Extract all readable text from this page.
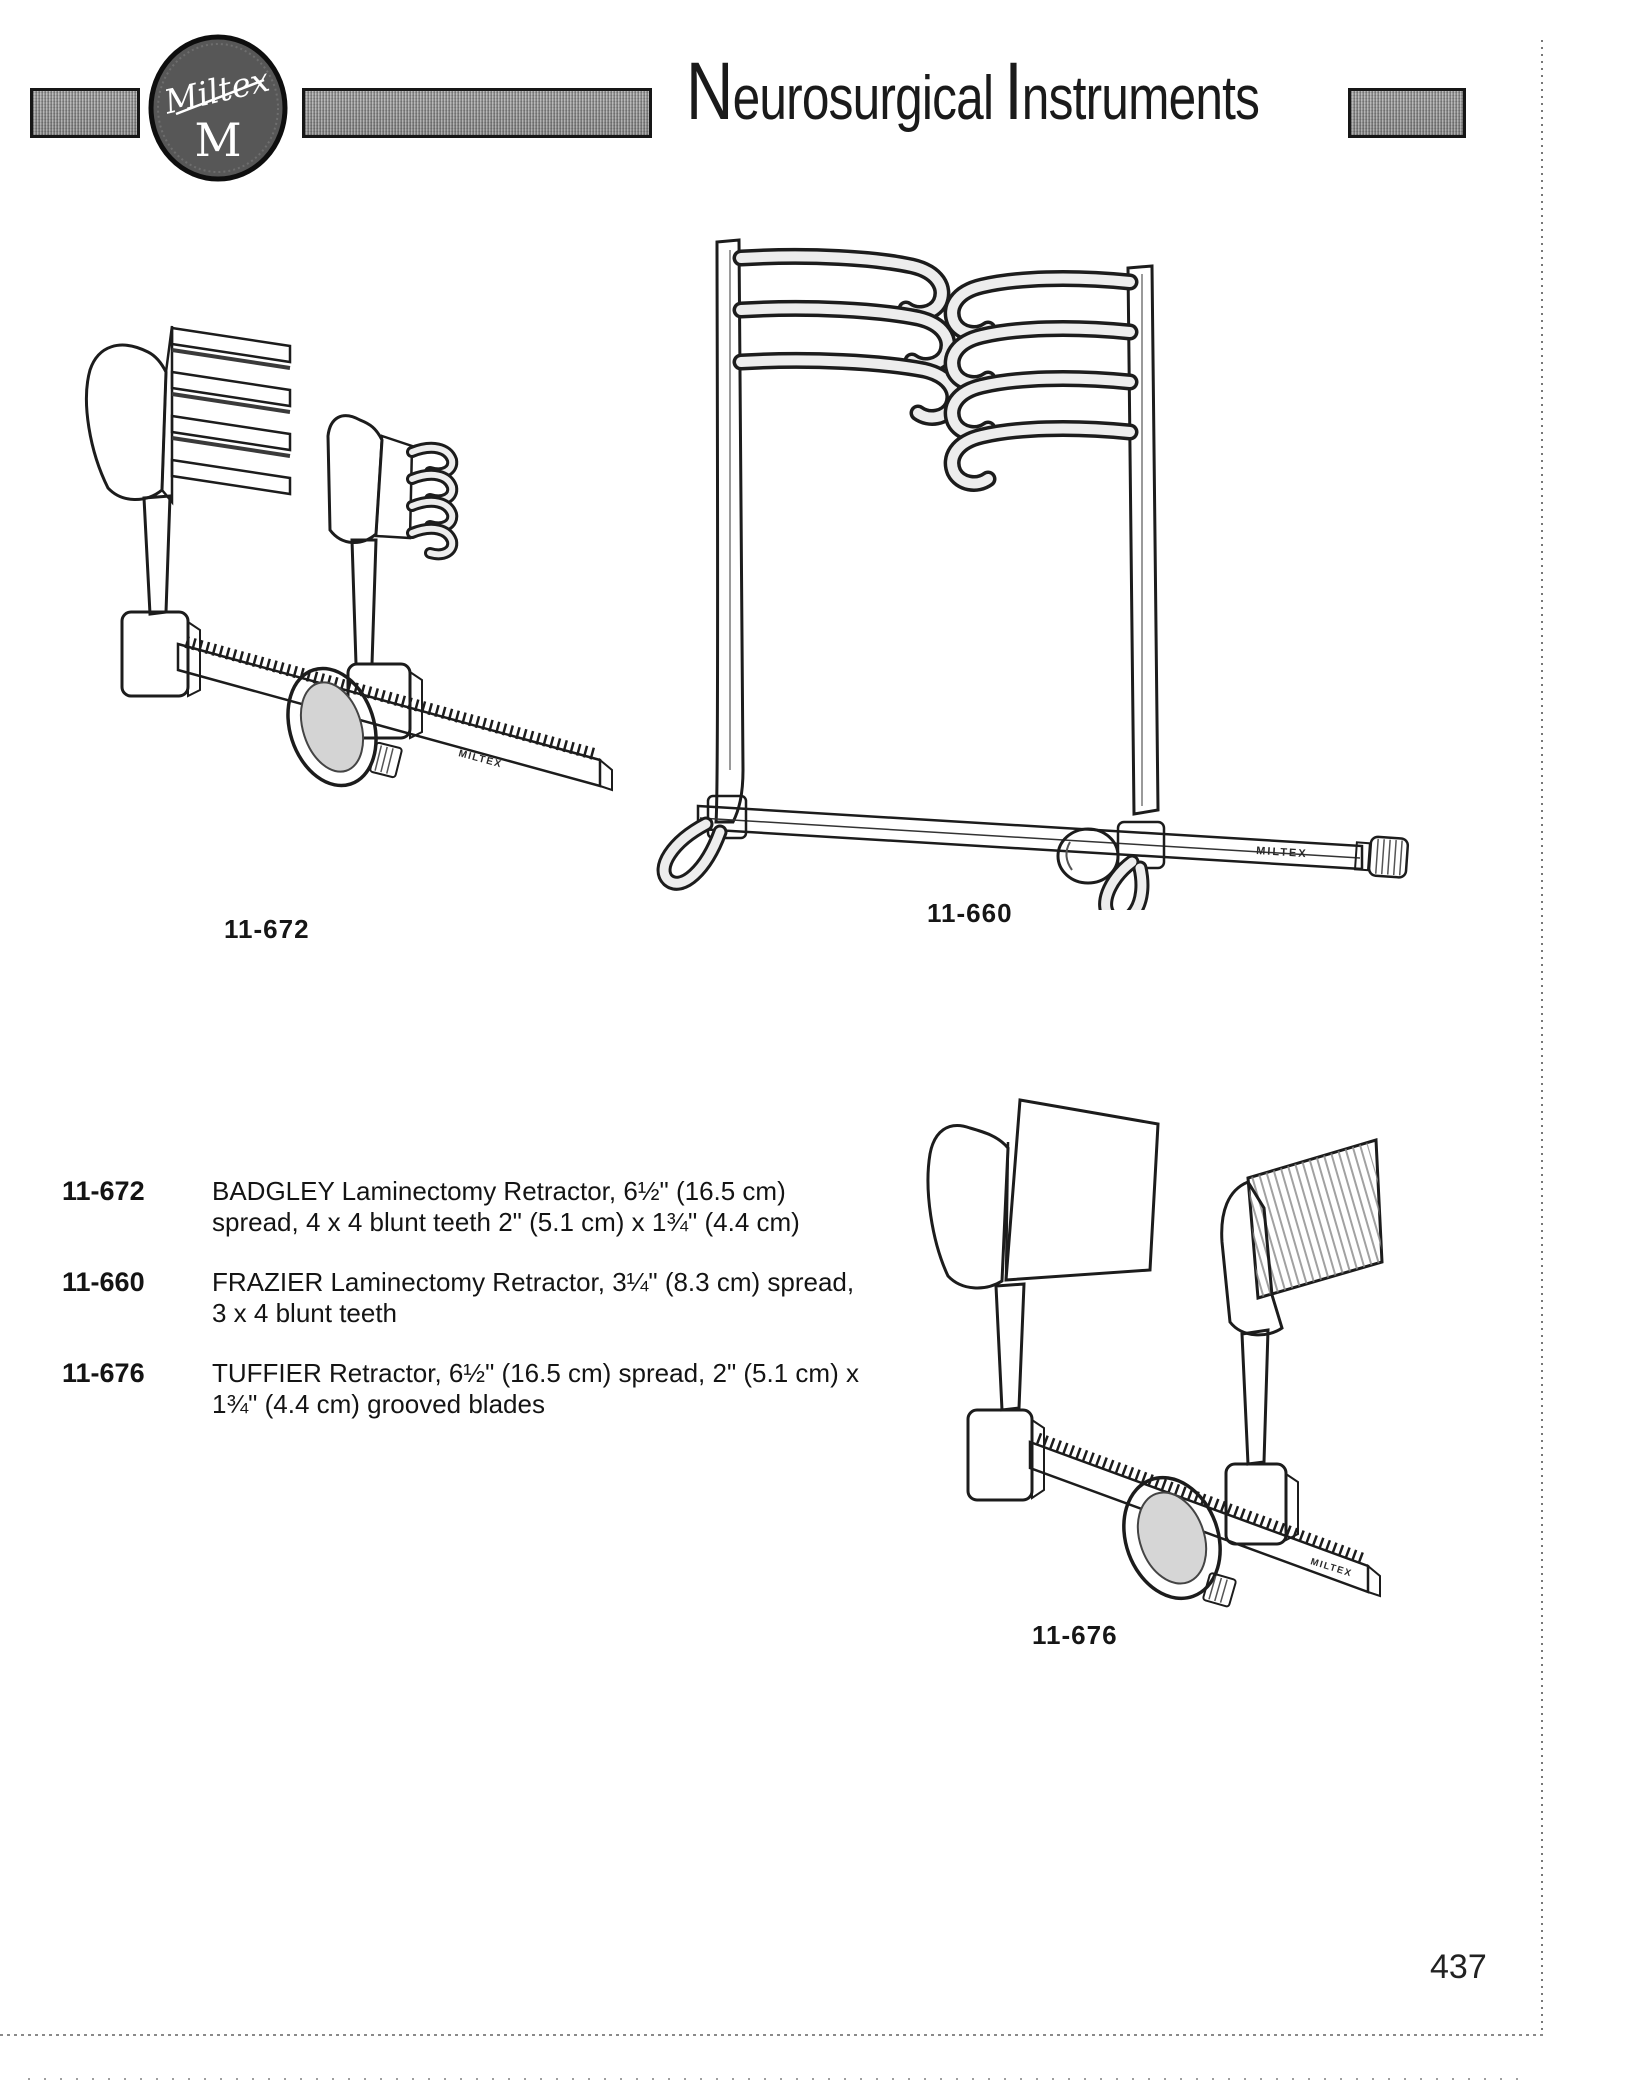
Miltex
M
Neurosurgical Instruments
MILTEX
11-672
MILTEX
11-660
MILTEX
11-676
11-672	BADGLEY Laminectomy Retractor, 6½" (16.5 cm)
spread, 4 x 4 blunt teeth 2" (5.1 cm) x 1¾" (4.4 cm)
11-660	FRAZIER Laminectomy Retractor, 3¼" (8.3 cm) spread,
3 x 4 blunt teeth
11-676	TUFFIER Retractor, 6½" (16.5 cm) spread, 2" (5.1 cm) x
1¾" (4.4 cm) grooved blades
437
